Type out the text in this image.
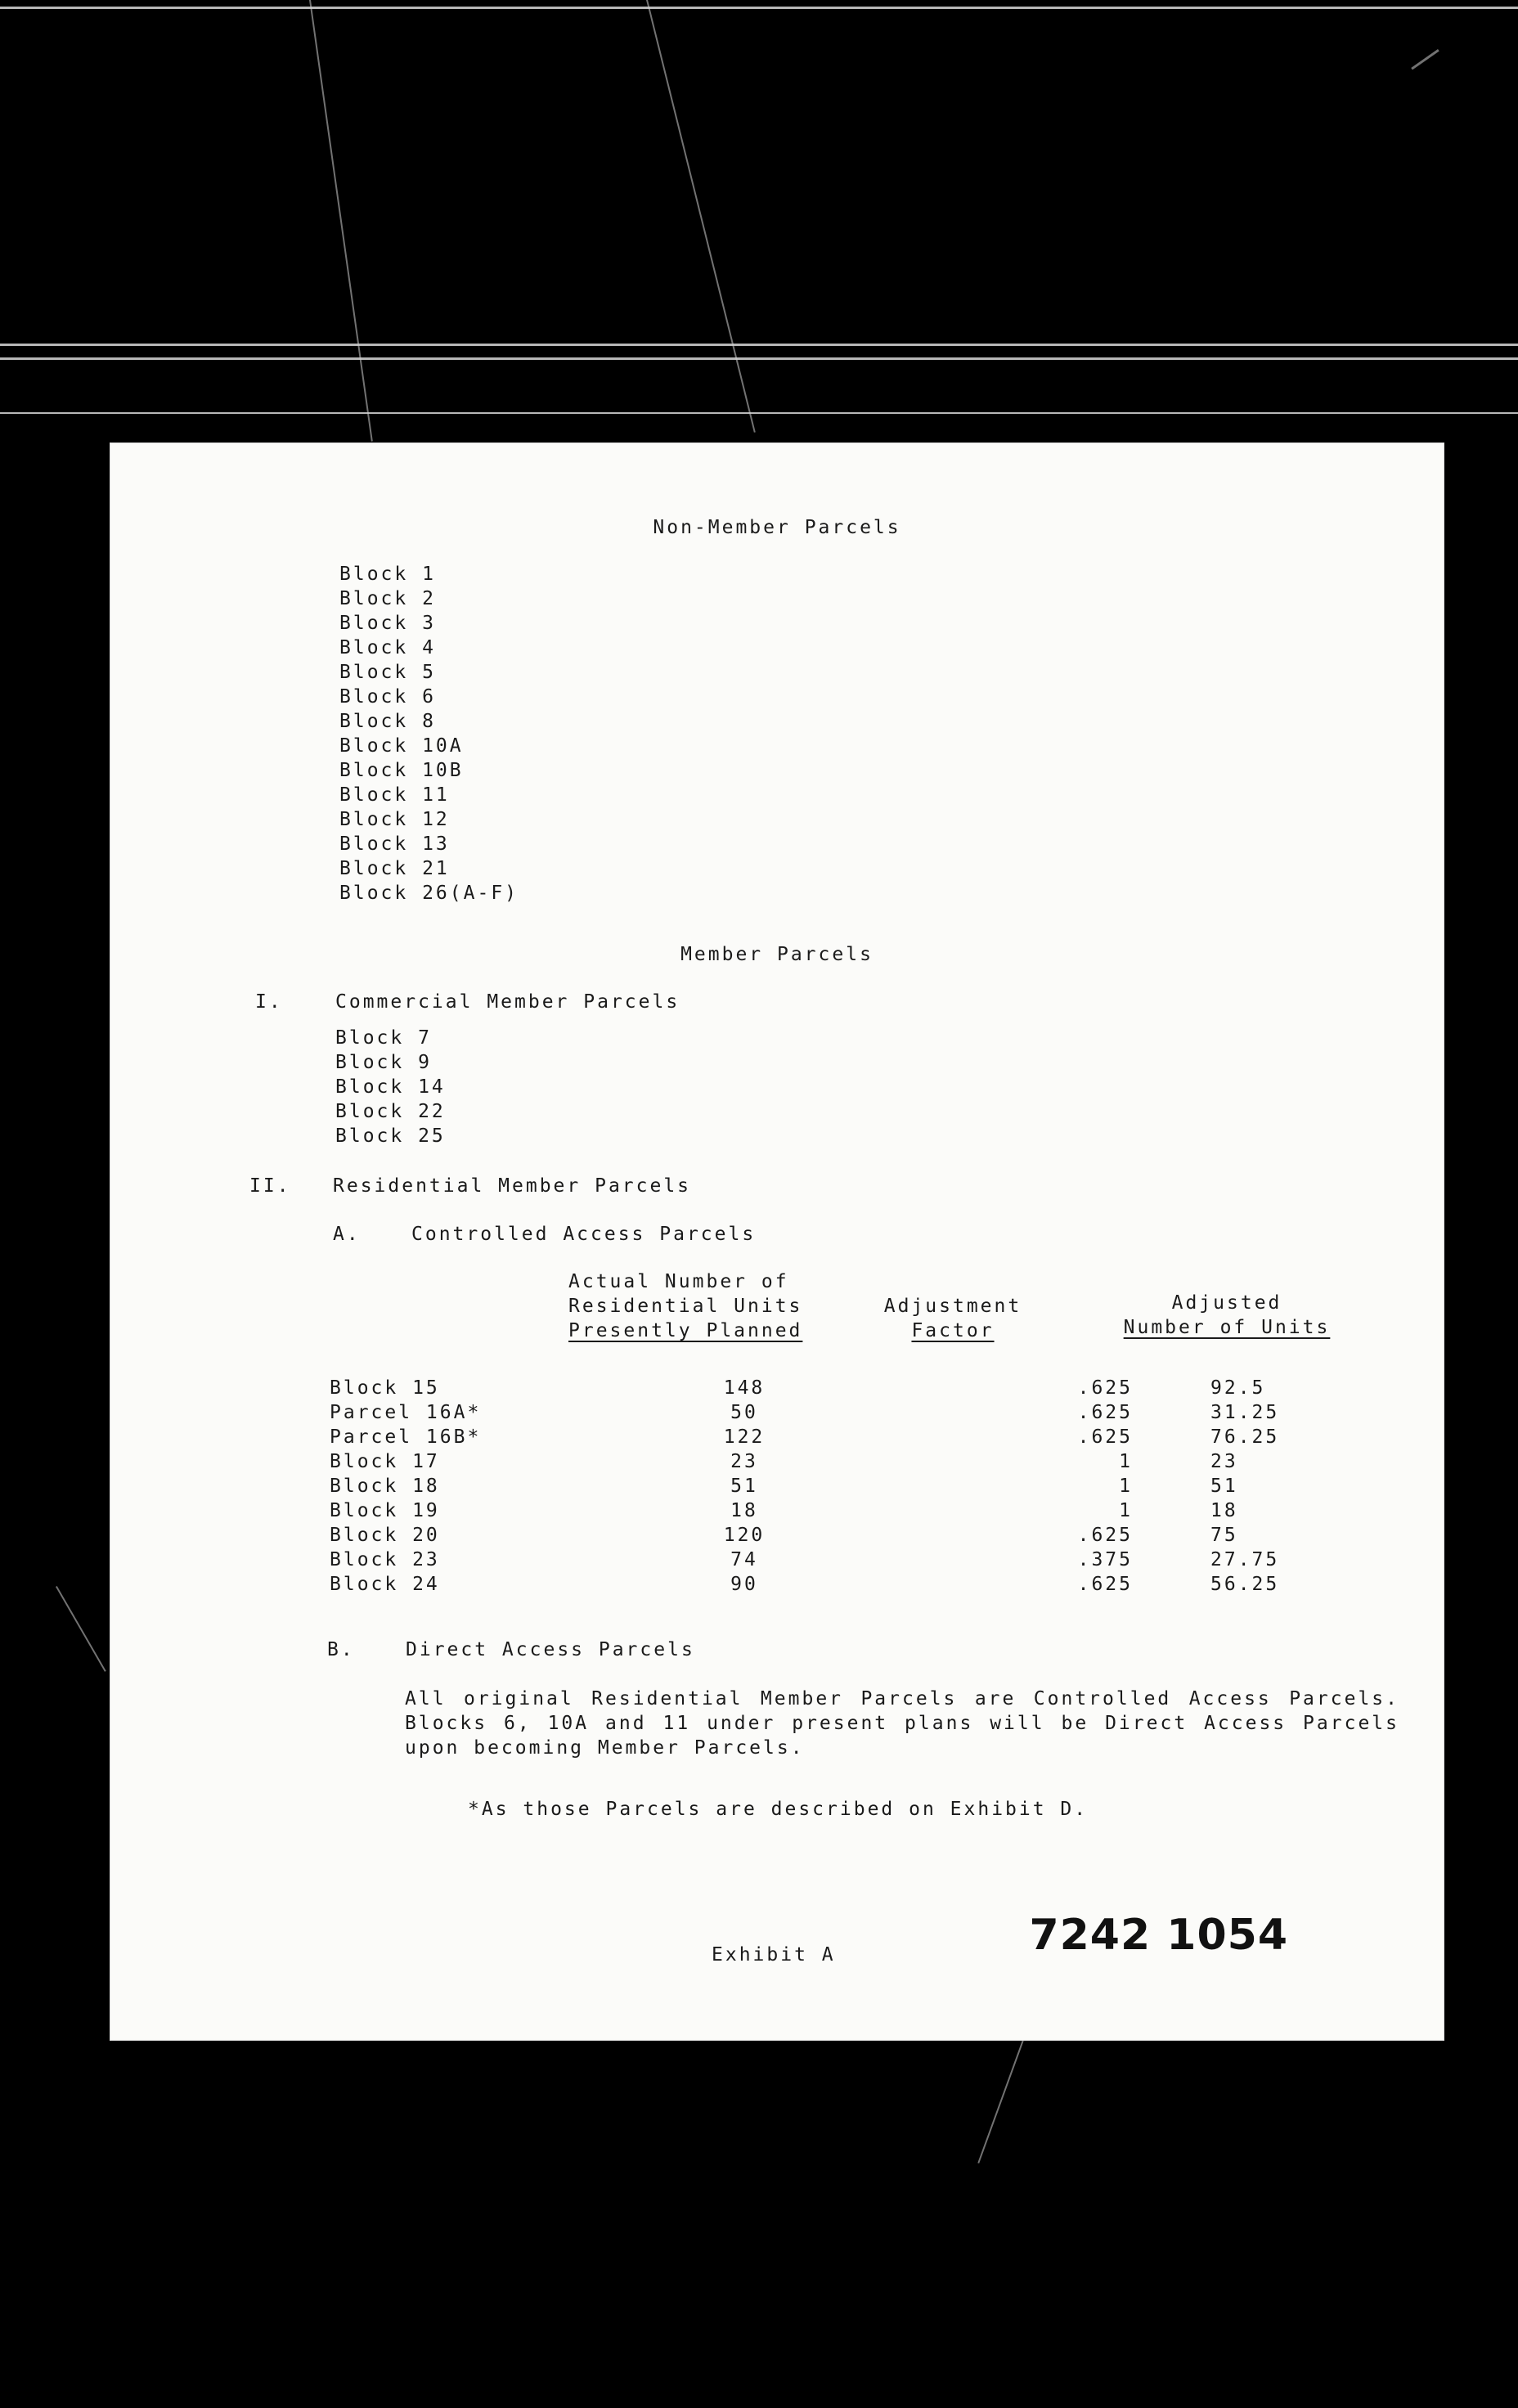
Non-Member Parcels
Block 1
Block 2
Block 3
Block 4
Block 5
Block 6
Block 8
Block 10A
Block 10B
Block 11
Block 12
Block 13
Block 21
Block 26(A-F)
Member Parcels
I.	Commercial Member Parcels
Block 7
Block 9
Block 14
Block 22
Block 25
II. Residential Member Parcels
A.	Controlled Access Parcels
Actual Number of
Residential Units
Presently Planned
Adjustment
Factor
Adjusted
Number of Units
Block 15	148	.625	92.5
Parcel 16A*	50	.625	31.25
Parcel 16B*	122	.625	76.25
Block 17	23	1	23
Block 18	51	1	51
Block 19	18	1	18
Block 20	120	.625	75
Block 23	74	.375	27.75
Block 24	90	.625	56.25
B.	Direct Access Parcels
All original Residential Member Parcels are Controlled Access Parcels. Blocks 6, 10A and 11 under present plans will be Direct Access Parcels upon becoming Member Parcels.
*As those Parcels are described on Exhibit D.
Exhibit A	7242 1054
